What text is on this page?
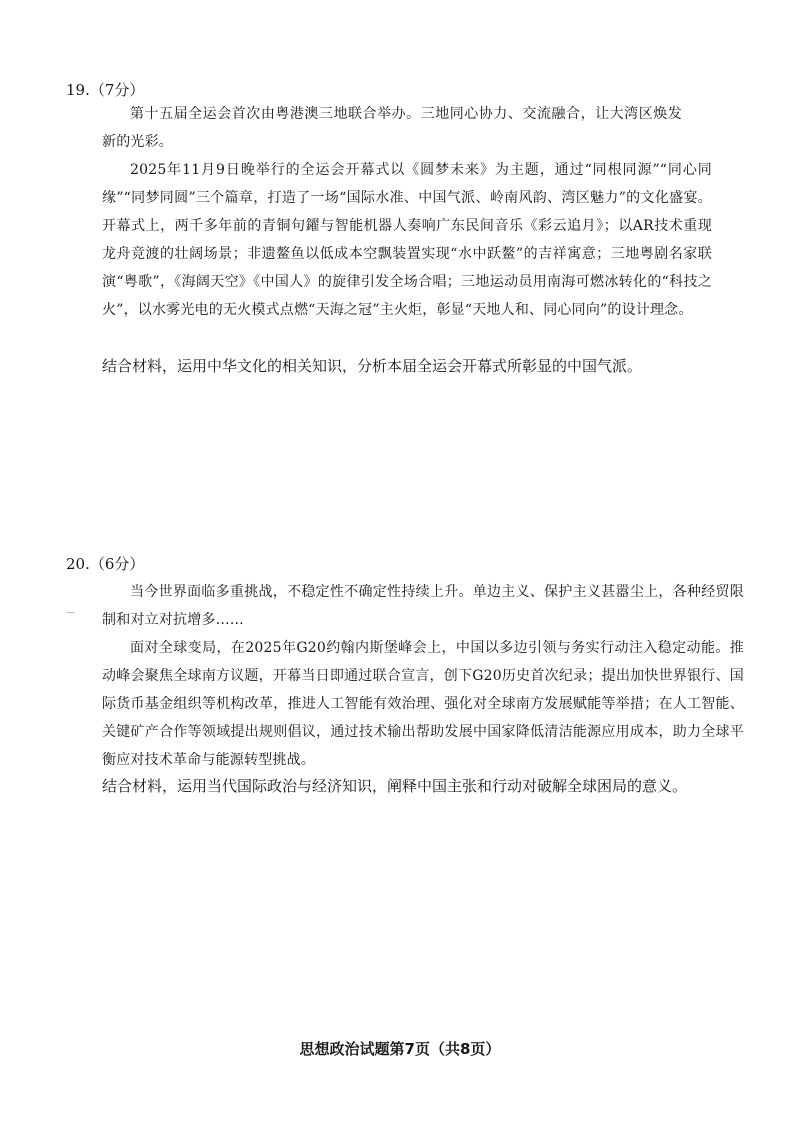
19.（7分）

第十五届全运会首次由粤港澳三地联合举办。三地同心协力、交流融合，让大湾区焕发新的光彩。

2025年11月9日晚举行的全运会开幕式以《圆梦未来》为主题，通过“同根同源”“同心同缘”“同梦同圆”三个篇章，打造了一场“国际水准、中国气派、岭南风韵、湾区魅力”的文化盛宴。开幕式上，两千多年前的青铜句鑃与智能机器人奏响广东民间音乐《彩云追月》；以AR技术重现龙舟竞渡的壮阔场景；非遗鳌鱼以低成本空飘装置实现“水中跃鳌”的吉祥寓意；三地粤剧名家联演“粤歌”，《海阔天空》《中国人》的旋律引发全场合唱；三地运动员用南海可燃冰转化的“科技之火”，以水雾光电的无火模式点燃“天海之冠”主火炬，彰显“天地人和、同心同向”的设计理念。

结合材料，运用中华文化的相关知识，分析本届全运会开幕式所彰显的中国气派。

20.（6分）

当今世界面临多重挑战，不稳定性不确定性持续上升。单边主义、保护主义甚嚣尘上，各种经贸限制和对立对抗增多……

面对全球变局，在2025年G20约翰内斯堡峰会上，中国以多边引领与务实行动注入稳定动能。推动峰会聚焦全球南方议题，开幕当日即通过联合宣言，创下G20历史首次纪录；提出加快世界银行、国际货币基金组织等机构改革，推进人工智能有效治理、强化对全球南方发展赋能等举措；在人工智能、关键矿产合作等领域提出规则倡议，通过技术输出帮助发展中国家降低清洁能源应用成本，助力全球平衡应对技术革命与能源转型挑战。

结合材料，运用当代国际政治与经济知识，阐释中国主张和行动对破解全球困局的意义。

思想政治试题第7页（共8页）
